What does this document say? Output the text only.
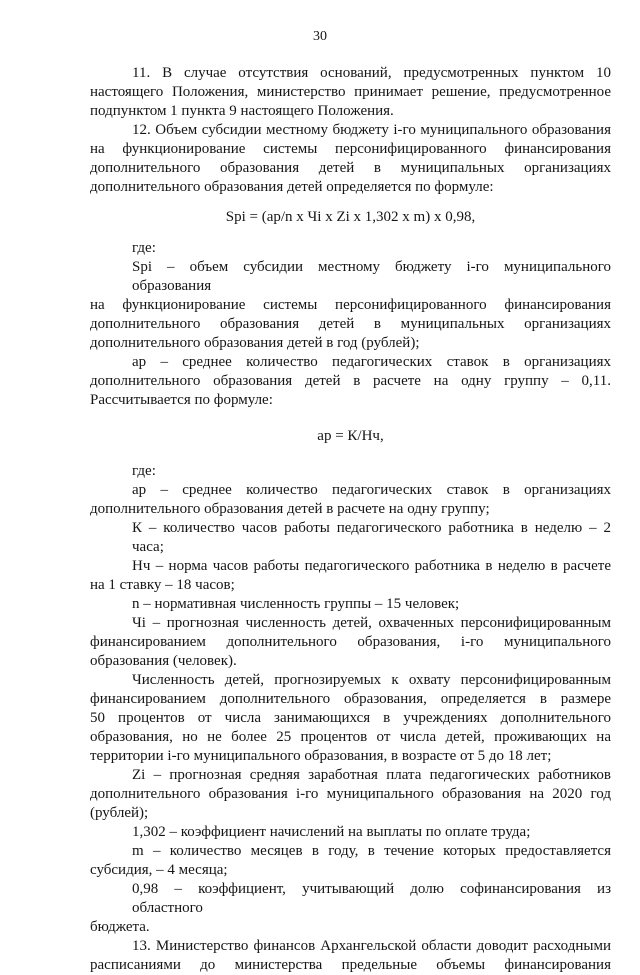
30

11. В случае отсутствия оснований, предусмотренных пунктом 10
настоящего Положения, министерство принимает решение, предусмотренное
подпунктом 1 пункта 9 настоящего Положения.

12. Объем субсидии местному бюджету i-го муниципального образования
на функционирование системы персонифицированного финансирования
дополнительного образования детей в муниципальных организациях
дополнительного образования детей определяется по формуле:

Spi = (ар/n x Чi x Zi x 1,302 x m) x 0,98,

где:

Spi – объем субсидии местному бюджету i-го муниципального образования
на функционирование системы персонифицированного финансирования
дополнительного образования детей в муниципальных организациях
дополнительного образования детей в год (рублей);

ар – среднее количество педагогических ставок в организациях
дополнительного образования детей в расчете на одну группу – 0,11.
Рассчитывается по формуле:

ар = К/Нч,

где:

ар – среднее количество педагогических ставок в организациях
дополнительного образования детей в расчете на одну группу;

К – количество часов работы педагогического работника в неделю – 2 часа;

Нч – норма часов работы педагогического работника в неделю в расчете
на 1 ставку – 18 часов;

n – нормативная численность группы – 15 человек;

Чi – прогнозная численность детей, охваченных персонифицированным
финансированием дополнительного образования, i-го муниципального
образования (человек).

Численность детей, прогнозируемых к охвату персонифицированным
финансированием дополнительного образования, определяется в размере
50 процентов от числа занимающихся в учреждениях дополнительного
образования, но не более 25 процентов от числа детей, проживающих на
территории i-го муниципального образования, в возрасте от 5 до 18 лет;

Zi – прогнозная средняя заработная плата педагогических работников
дополнительного образования i-го муниципального образования на 2020 год
(рублей);

1,302 – коэффициент начислений на выплаты по оплате труда;

m – количество месяцев в году, в течение которых предоставляется
субсидия, – 4 месяца;

0,98 – коэффициент, учитывающий долю софинансирования из областного
бюджета.

13. Министерство финансов Архангельской области доводит расходными
расписаниями до министерства предельные объемы финансирования
